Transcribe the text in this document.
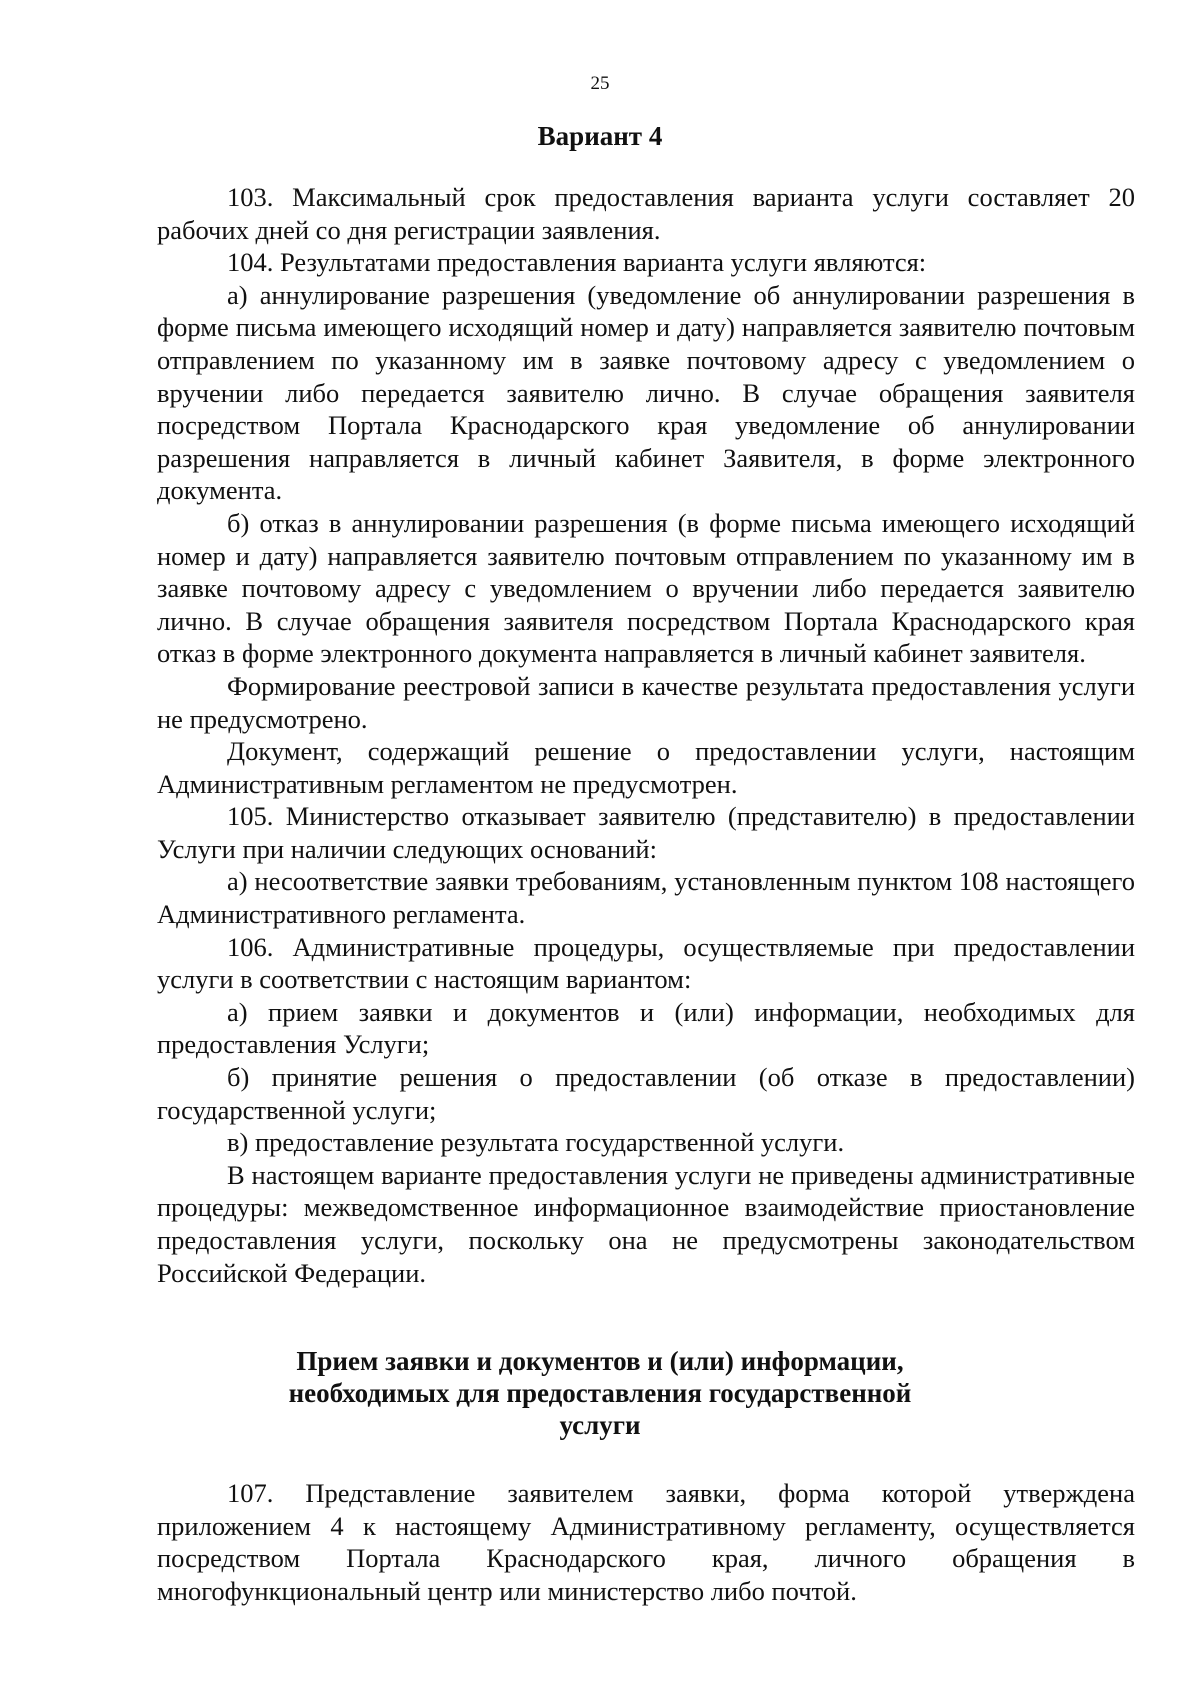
25
Вариант 4

103. Максимальный срок предоставления варианта услуги составляет 20 рабочих дней со дня регистрации заявления.

104. Результатами предоставления варианта услуги являются:

а) аннулирование разрешения (уведомление об аннулировании разрешения в форме письма имеющего исходящий номер и дату) направляется заявителю почтовым отправлением по указанному им в заявке почтовому адресу с уведомлением о вручении либо передается заявителю лично. В случае обращения заявителя посредством Портала Краснодарского края уведомление об аннулировании разрешения направляется в личный кабинет Заявителя, в форме электронного документа.

б) отказ в аннулировании разрешения (в форме письма имеющего исходящий номер и дату) направляется заявителю почтовым отправлением по указанному им в заявке почтовому адресу с уведомлением о вручении либо передается заявителю лично. В случае обращения заявителя посредством Портала Краснодарского края отказ в форме электронного документа направляется в личный кабинет заявителя.

Формирование реестровой записи в качестве результата предоставления услуги не предусмотрено.

Документ, содержащий решение о предоставлении услуги, настоящим Административным регламентом не предусмотрен.

105. Министерство отказывает заявителю (представителю) в предоставлении Услуги при наличии следующих оснований:

а) несоответствие заявки требованиям, установленным пунктом 108 настоящего Административного регламента.

106. Административные процедуры, осуществляемые при предоставлении услуги в соответствии с настоящим вариантом:

а) прием заявки и документов и (или) информации, необходимых для предоставления Услуги;

б) принятие решения о предоставлении (об отказе в предоставлении) государственной услуги;

в) предоставление результата государственной услуги.

В настоящем варианте предоставления услуги не приведены административные процедуры: межведомственное информационное взаимодействие приостановление предоставления услуги, поскольку она не предусмотрены законодательством Российской Федерации.

Прием заявки и документов и (или) информации,
необходимых для предоставления государственной
услуги

107. Представление заявителем заявки, форма которой утверждена приложением 4 к настоящему Административному регламенту, осуществляется посредством Портала Краснодарского края, личного обращения в многофункциональный центр или министерство либо почтой.
